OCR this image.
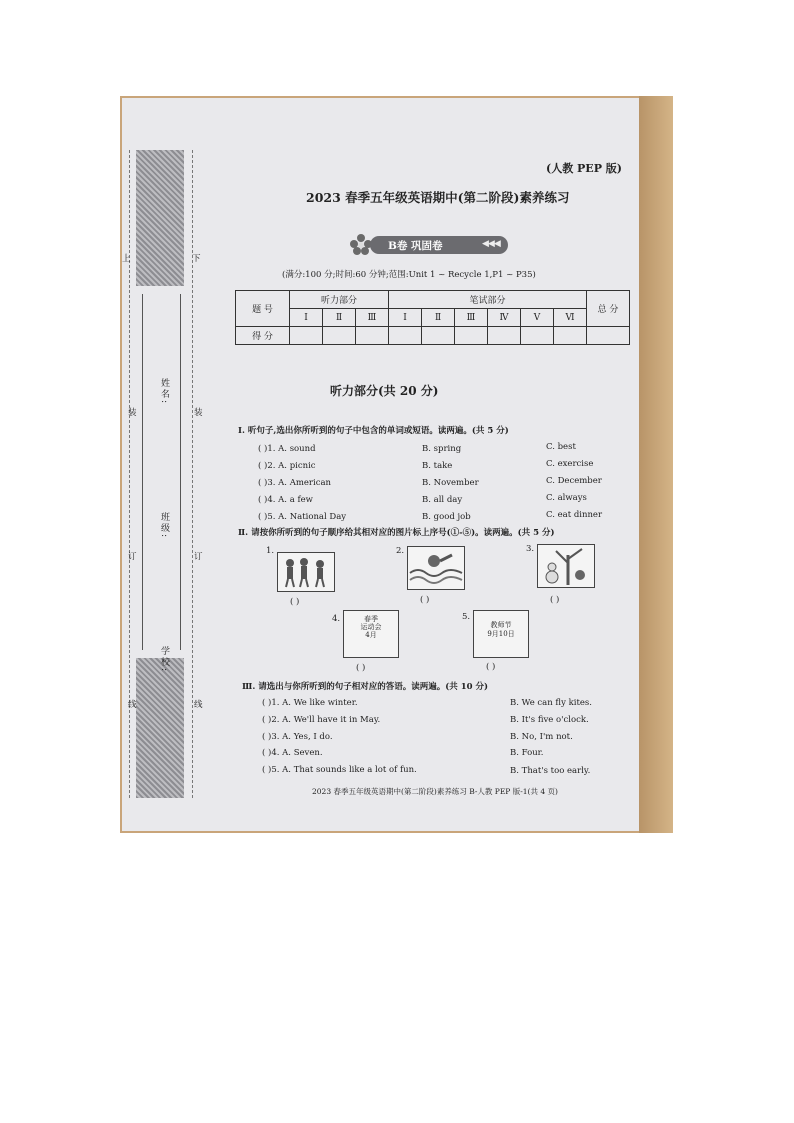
上	下
装	装
订	订
线	线
姓名:
班级:
学校:
(人教 PEP 版)
2023 春季五年级英语期中(第二阶段)素养练习
B卷 巩固卷	◀◀◀
(满分:100 分;时间:60 分钟;范围:Unit 1 ~ Recycle 1,P1 ~ P35)
题 号	听力部分			笔试部分						总 分
	Ⅰ	Ⅱ	Ⅲ	Ⅰ	Ⅱ	Ⅲ	Ⅳ	Ⅴ	Ⅵ	
得 分										
听力部分(共 20 分)
Ⅰ. 听句子,选出你所听到的句子中包含的单词或短语。读两遍。(共 5 分)
( )1. A. sound	B. spring	C. best
( )2. A. picnic	B. take	C. exercise
( )3. A. American	B. November	C. December
( )4. A. a few	B. all day	C. always
( )5. A. National Day	B. good job	C. eat dinner
Ⅱ. 请按你所听到的句子顺序给其相对应的图片标上序号(①-⑤)。读两遍。(共 5 分)
1.
( )
2.
( )
3.
( )
4.	春季
运动会
4月
( )
5.
教师节
9月10日
( )
Ⅲ. 请选出与你所听到的句子相对应的答语。读两遍。(共 10 分)
( )1. A. We like winter.	B. We can fly kites.
( )2. A. We'll have it in May.	B. It's five o'clock.
( )3. A. Yes, I do.	B. No, I'm not.
( )4. A. Seven.	B. Four.
( )5. A. That sounds like a lot of fun.	B. That's too early.
2023 春季五年级英语期中(第二阶段)素养练习 B-人教 PEP 版-1(共 4 页)
